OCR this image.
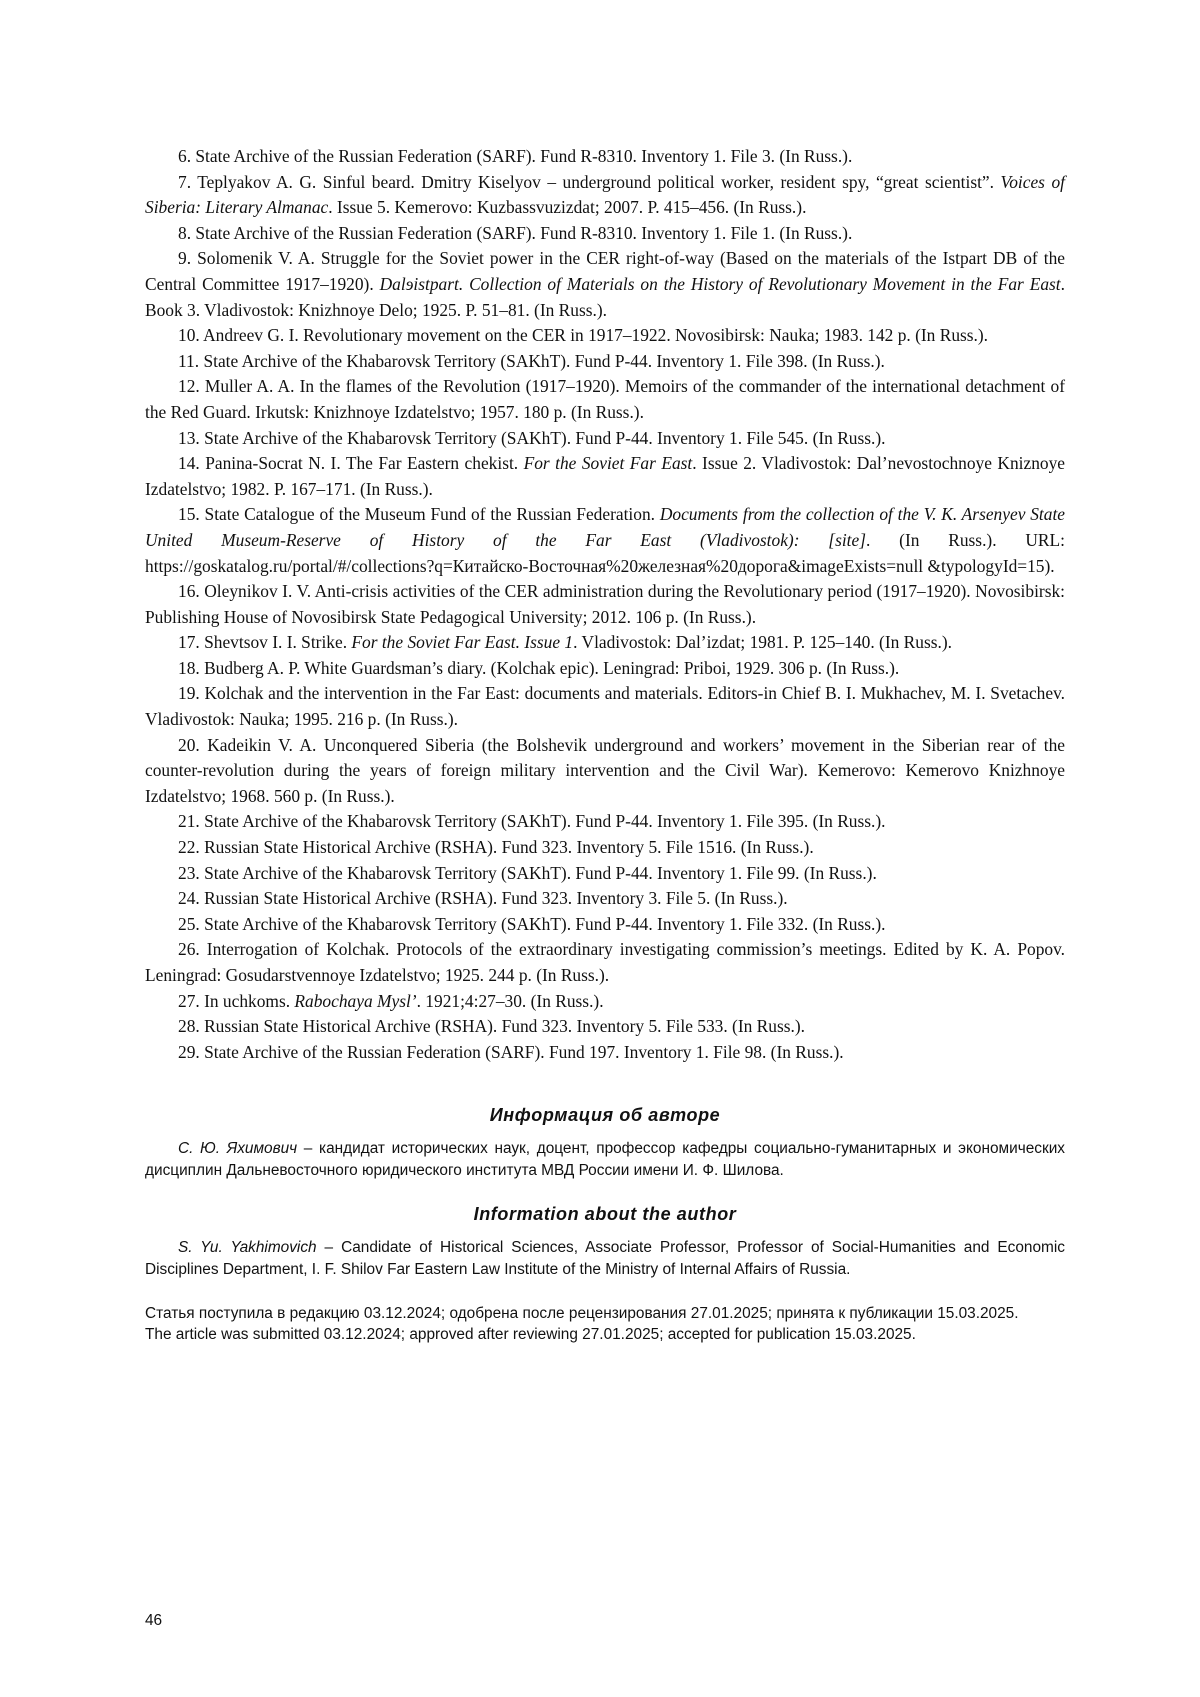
6. State Archive of the Russian Federation (SARF). Fund R-8310. Inventory 1. File 3. (In Russ.).

7. Teplyakov A. G. Sinful beard. Dmitry Kiselyov – underground political worker, resident spy, “great scientist”. Voices of Siberia: Literary Almanac. Issue 5. Kemerovo: Kuzbassvuzizdat; 2007. P. 415–456. (In Russ.).

8. State Archive of the Russian Federation (SARF). Fund R-8310. Inventory 1. File 1. (In Russ.).

9. Solomenik V. A. Struggle for the Soviet power in the CER right-of-way (Based on the materials of the Istpart DB of the Central Committee 1917–1920). Dalɘistpart. Collection of Materials on the History of Revolutionary Movement in the Far East. Book 3. Vladivostok: Knizhnoye Delo; 1925. P. 51–81. (In Russ.).

10. Andreev G. I. Revolutionary movement on the CER in 1917–1922. Novosibirsk: Nauka; 1983. 142 p. (In Russ.).

11. State Archive of the Khabarovsk Territory (SAKhT). Fund P-44. Inventory 1. File 398. (In Russ.).

12. Muller A. A. In the flames of the Revolution (1917–1920). Memoirs of the commander of the international detachment of the Red Guard. Irkutsk: Knizhnoye Izdatelstvo; 1957. 180 p. (In Russ.).

13. State Archive of the Khabarovsk Territory (SAKhT). Fund P-44. Inventory 1. File 545. (In Russ.).

14. Panina-Socrat N. I. The Far Eastern chekist. For the Soviet Far East. Issue 2. Vladivostok: Dal’nevostochnoye Kniznoye Izdatelstvo; 1982. P. 167–171. (In Russ.).

15. State Catalogue of the Museum Fund of the Russian Federation. Documents from the collection of the V. K. Arsenyev State United Museum-Reserve of History of the Far East (Vladivostok): [site]. (In Russ.). URL: https://goskatalog.ru/portal/#/collections?q=Китайско-Восточная%20железная%20дорога&imageExists=null &typologyId=15).

16. Oleynikov I. V. Anti-crisis activities of the CER administration during the Revolutionary period (1917–1920). Novosibirsk: Publishing House of Novosibirsk State Pedagogical University; 2012. 106 p. (In Russ.).

17. Shevtsov I. I. Strike. For the Soviet Far East. Issue 1. Vladivostok: Dal’izdat; 1981. P. 125–140. (In Russ.).

18. Budberg A. P. White Guardsman’s diary. (Kolchak epic). Leningrad: Priboi, 1929. 306 p. (In Russ.).

19. Kolchak and the intervention in the Far East: documents and materials. Editors-in Chief B. I. Mukhachev, M. I. Svetachev. Vladivostok: Nauka; 1995. 216 p. (In Russ.).

20. Kadeikin V. A. Unconquered Siberia (the Bolshevik underground and workers’ movement in the Siberian rear of the counter-revolution during the years of foreign military intervention and the Civil War). Kemerovo: Kemerovo Knizhnoye Izdatelstvo; 1968. 560 p. (In Russ.).

21. State Archive of the Khabarovsk Territory (SAKhT). Fund P-44. Inventory 1. File 395. (In Russ.).

22. Russian State Historical Archive (RSHA). Fund 323. Inventory 5. File 1516. (In Russ.).

23. State Archive of the Khabarovsk Territory (SAKhT). Fund P-44. Inventory 1. File 99. (In Russ.).

24. Russian State Historical Archive (RSHA). Fund 323. Inventory 3. File 5. (In Russ.).

25. State Archive of the Khabarovsk Territory (SAKhT). Fund P-44. Inventory 1. File 332. (In Russ.).

26. Interrogation of Kolchak. Protocols of the extraordinary investigating commission’s meetings. Edited by K. A. Popov. Leningrad: Gosudarstvennoye Izdatelstvo; 1925. 244 p. (In Russ.).

27. In uchkoms. Rabochaya Mysl’. 1921;4:27–30. (In Russ.).

28. Russian State Historical Archive (RSHA). Fund 323. Inventory 5. File 533. (In Russ.).

29. State Archive of the Russian Federation (SARF). Fund 197. Inventory 1. File 98. (In Russ.).

Информация об авторе

С. Ю. Яхимович – кандидат исторических наук, доцент, профессор кафедры социально-гуманитарных и экономических дисциплин Дальневосточного юридического института МВД России имени И. Ф. Шилова.

Information about the author

S. Yu. Yakhimovich – Candidate of Historical Sciences, Associate Professor, Professor of Social-Humanities and Economic Disciplines Department, I. F. Shilov Far Eastern Law Institute of the Ministry of Internal Affairs of Russia.

Статья поступила в редакцию 03.12.2024; одобрена после рецензирования 27.01.2025; принята к публикации 15.03.2025.

The article was submitted 03.12.2024; approved after reviewing 27.01.2025; accepted for publication 15.03.2025.

46
